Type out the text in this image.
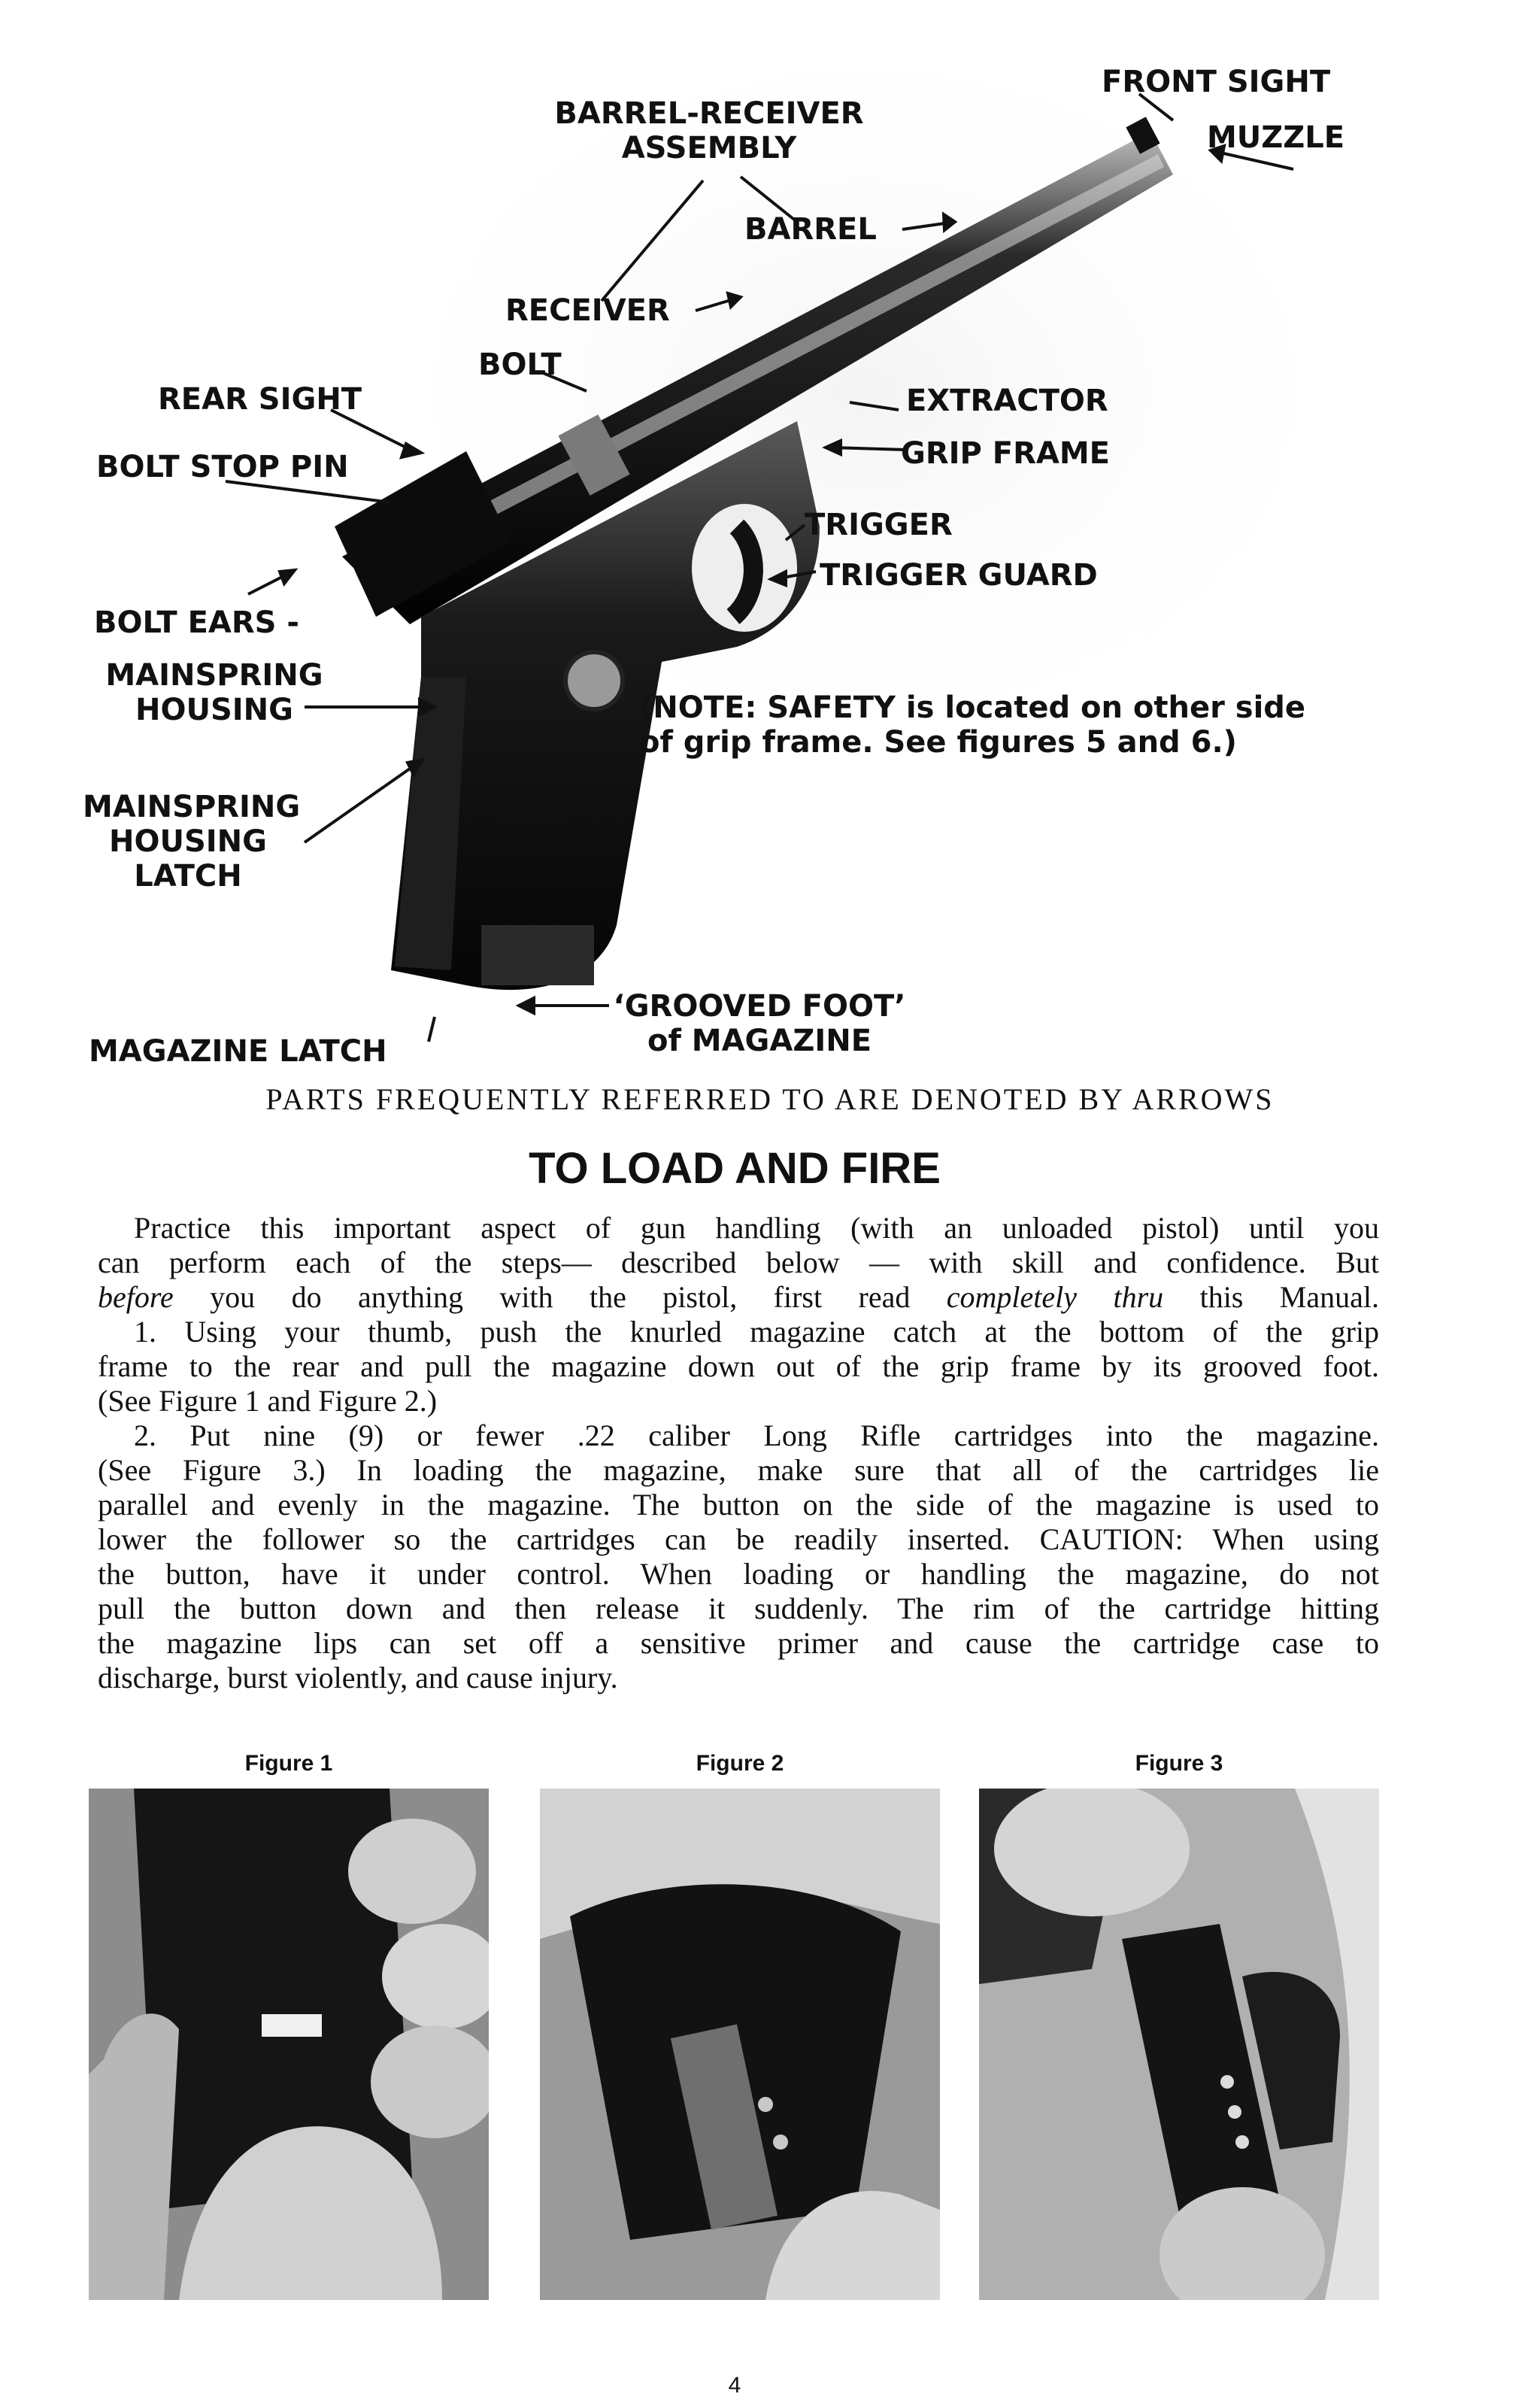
BARREL-RECEIVER
ASSEMBLY
FRONT SIGHT
MUZZLE
BARREL
RECEIVER
BOLT
REAR SIGHT
BOLT STOP PIN
EXTRACTOR
GRIP FRAME
TRIGGER
TRIGGER GUARD
BOLT EARS -
MAINSPRING
HOUSING
MAINSPRING
HOUSING
LATCH
MAGAZINE LATCH
‘GROOVED FOOT’
of MAGAZINE
(NOTE: SAFETY is located on other side
of grip frame. See figures 5 and 6.)
PARTS FREQUENTLY REFERRED TO ARE DENOTED BY ARROWS
TO LOAD AND FIRE

Practice this important aspect of gun handling (with an unloaded pistol) until you

can perform each of the steps— described below — with skill and confidence. But

before you do anything with the pistol, first read completely thru this Manual.

1. Using your thumb, push the knurled magazine catch at the bottom of the grip

frame to the rear and pull the magazine down out of the grip frame by its grooved foot.

(See Figure 1 and Figure 2.)

2. Put nine (9) or fewer .22 caliber Long Rifle cartridges into the magazine.

(See Figure 3.) In loading the magazine, make sure that all of the cartridges lie

parallel and evenly in the magazine. The button on the side of the magazine is used to

lower the follower so the cartridges can be readily inserted. CAUTION: When using

the button, have it under control. When loading or handling the magazine, do not

pull the button down and then release it suddenly. The rim of the cartridge hitting

the magazine lips can set off a sensitive primer and cause the cartridge case to

discharge, burst violently, and cause injury.

Figure 1	Figure 2	Figure 3
4
